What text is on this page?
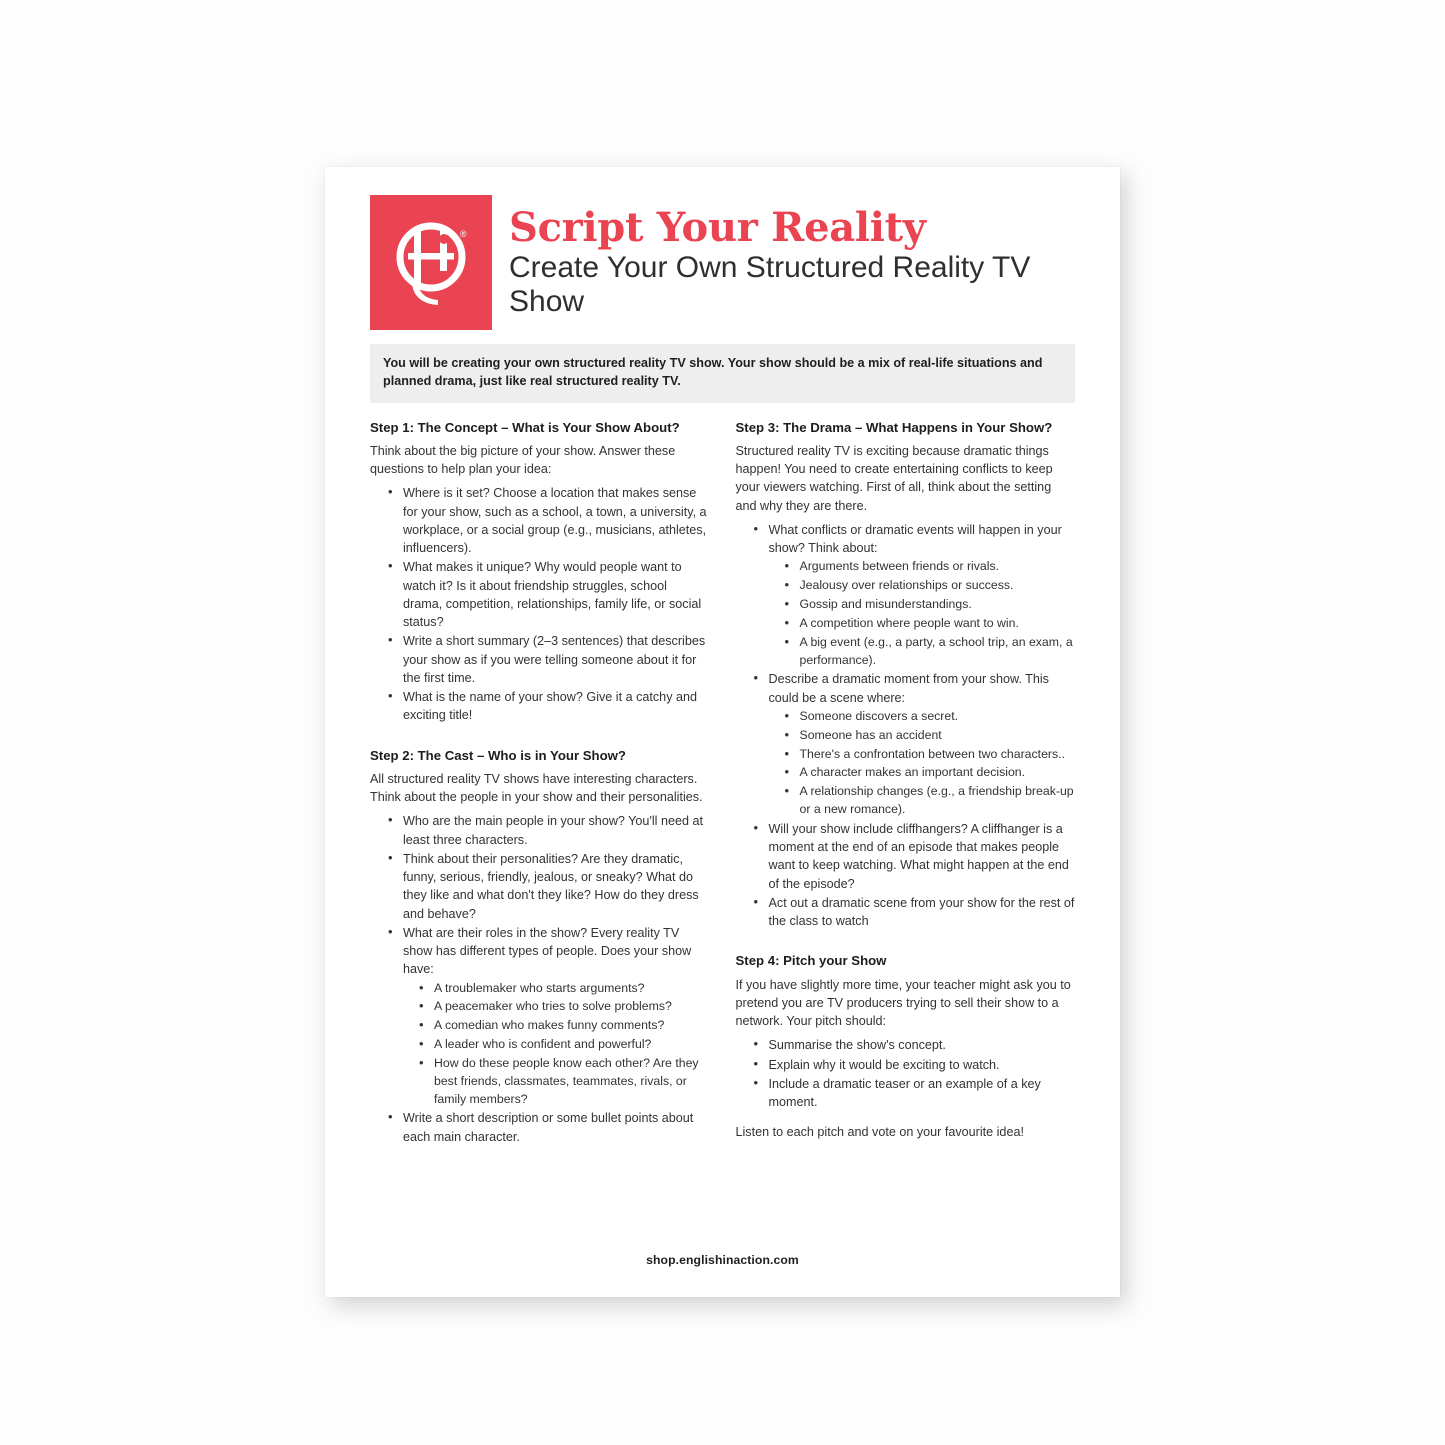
® Script Your Reality
Create Your Own Structured Reality TV Show
You will be creating your own structured reality TV show. Your show should be a mix of real-life situations and planned drama, just like real structured reality TV.
Step 1: The Concept – What is Your Show About?

Think about the big picture of your show. Answer these questions to help plan your idea:

• Where is it set? Choose a location that makes sense for your show, such as a school, a town, a university, a workplace, or a social group (e.g., musicians, athletes, influencers).
• What makes it unique? Why would people want to watch it? Is it about friendship struggles, school drama, competition, relationships, family life, or social status?
• Write a short summary (2–3 sentences) that describes your show as if you were telling someone about it for the first time.
• What is the name of your show? Give it a catchy and exciting title!
Step 2: The Cast – Who is in Your Show?

All structured reality TV shows have interesting characters. Think about the people in your show and their personalities.

• Who are the main people in your show? You'll need at least three characters.
• Think about their personalities? Are they dramatic, funny, serious, friendly, jealous, or sneaky? What do they like and what don't they like? How do they dress and behave?
• What are their roles in the show? Every reality TV show has different types of people. Does your show have:
• A troublemaker who starts arguments?
• A peacemaker who tries to solve problems?
• A comedian who makes funny comments?
• A leader who is confident and powerful?
• How do these people know each other? Are they best friends, classmates, teammates, rivals, or family members?
• Write a short description or some bullet points about each main character.
Step 3: The Drama – What Happens in Your Show?

Structured reality TV is exciting because dramatic things happen! You need to create entertaining conflicts to keep your viewers watching. First of all, think about the setting and why they are there.

• What conflicts or dramatic events will happen in your show? Think about:
• Arguments between friends or rivals.
• Jealousy over relationships or success.
• Gossip and misunderstandings.
• A competition where people want to win.
• A big event (e.g., a party, a school trip, an exam, a performance).
• Describe a dramatic moment from your show. This could be a scene where:
• Someone discovers a secret.
• Someone has an accident
• There's a confrontation between two characters..
• A character makes an important decision.
• A relationship changes (e.g., a friendship break-up or a new romance).
• Will your show include cliffhangers? A cliffhanger is a moment at the end of an episode that makes people want to keep watching. What might happen at the end of the episode?
• Act out a dramatic scene from your show for the rest of the class to watch
Step 4: Pitch your Show

If you have slightly more time, your teacher might ask you to pretend you are TV producers trying to sell their show to a network. Your pitch should:

• Summarise the show's concept.
• Explain why it would be exciting to watch.
• Include a dramatic teaser or an example of a key moment.

Listen to each pitch and vote on your favourite idea!

shop.englishinaction.com
